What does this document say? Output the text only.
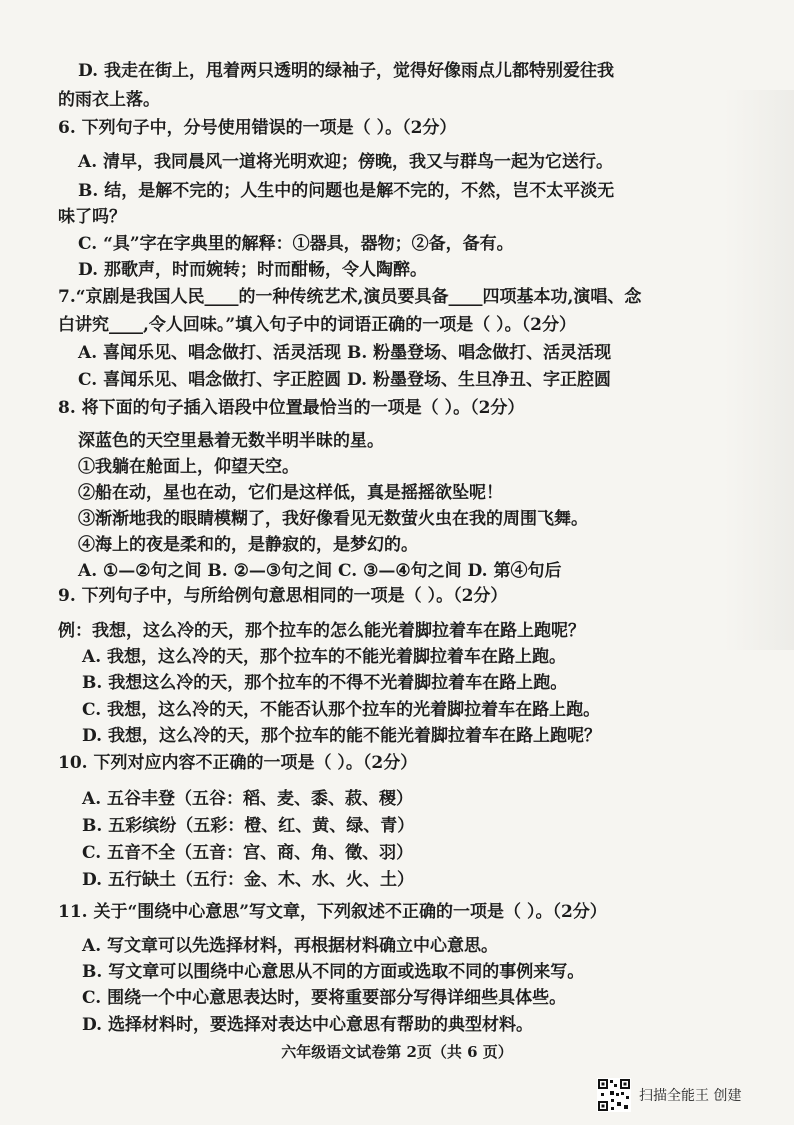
D. 我走在街上，甩着两只透明的绿袖子，觉得好像雨点儿都特别爱往我
的雨衣上落。
6. 下列句子中，分号使用错误的一项是（ ）。（2分）
A. 清早，我同晨风一道将光明欢迎；傍晚，我又与群鸟一起为它送行。
B. 结，是解不完的；人生中的问题也是解不完的，不然，岂不太平淡无
味了吗？
C. “具”字在字典里的解释：①器具，器物；②备，备有。
D. 那歌声，时而婉转；时而酣畅，令人陶醉。
7.“京剧是我国人民____的一种传统艺术,演员要具备____四项基本功,演唱、念
白讲究____,令人回味。”填入句子中的词语正确的一项是（ ）。（2分）
A. 喜闻乐见、唱念做打、活灵活现 B. 粉墨登场、唱念做打、活灵活现
C. 喜闻乐见、唱念做打、字正腔圆 D. 粉墨登场、生旦净丑、字正腔圆
8. 将下面的句子插入语段中位置最恰当的一项是（ ）。（2分）
深蓝色的天空里悬着无数半明半昧的星。
①我躺在舱面上，仰望天空。
②船在动，星也在动，它们是这样低，真是摇摇欲坠呢！
③渐渐地我的眼睛模糊了，我好像看见无数萤火虫在我的周围飞舞。
④海上的夜是柔和的，是静寂的，是梦幻的。
A. ①—②句之间 B. ②—③句之间 C. ③—④句之间 D. 第④句后
9. 下列句子中，与所给例句意思相同的一项是（ ）。（2分）
例：我想，这么冷的天，那个拉车的怎么能光着脚拉着车在路上跑呢？
A. 我想，这么冷的天，那个拉车的不能光着脚拉着车在路上跑。
B. 我想这么冷的天，那个拉车的不得不光着脚拉着车在路上跑。
C. 我想，这么冷的天，不能否认那个拉车的光着脚拉着车在路上跑。
D. 我想，这么冷的天，那个拉车的能不能光着脚拉着车在路上跑呢？
10. 下列对应内容不正确的一项是（ ）。（2分）
A. 五谷丰登（五谷：稻、麦、黍、菽、稷）
B. 五彩缤纷（五彩：橙、红、黄、绿、青）
C. 五音不全（五音：宫、商、角、徵、羽）
D. 五行缺土（五行：金、木、水、火、土）
11. 关于“围绕中心意思”写文章，下列叙述不正确的一项是（ ）。（2分）
A. 写文章可以先选择材料，再根据材料确立中心意思。
B. 写文章可以围绕中心意思从不同的方面或选取不同的事例来写。
C. 围绕一个中心意思表达时，要将重要部分写得详细些具体些。
D. 选择材料时，要选择对表达中心意思有帮助的典型材料。
六年级语文试卷第 2页（共 6 页）
扫描全能王 创建
